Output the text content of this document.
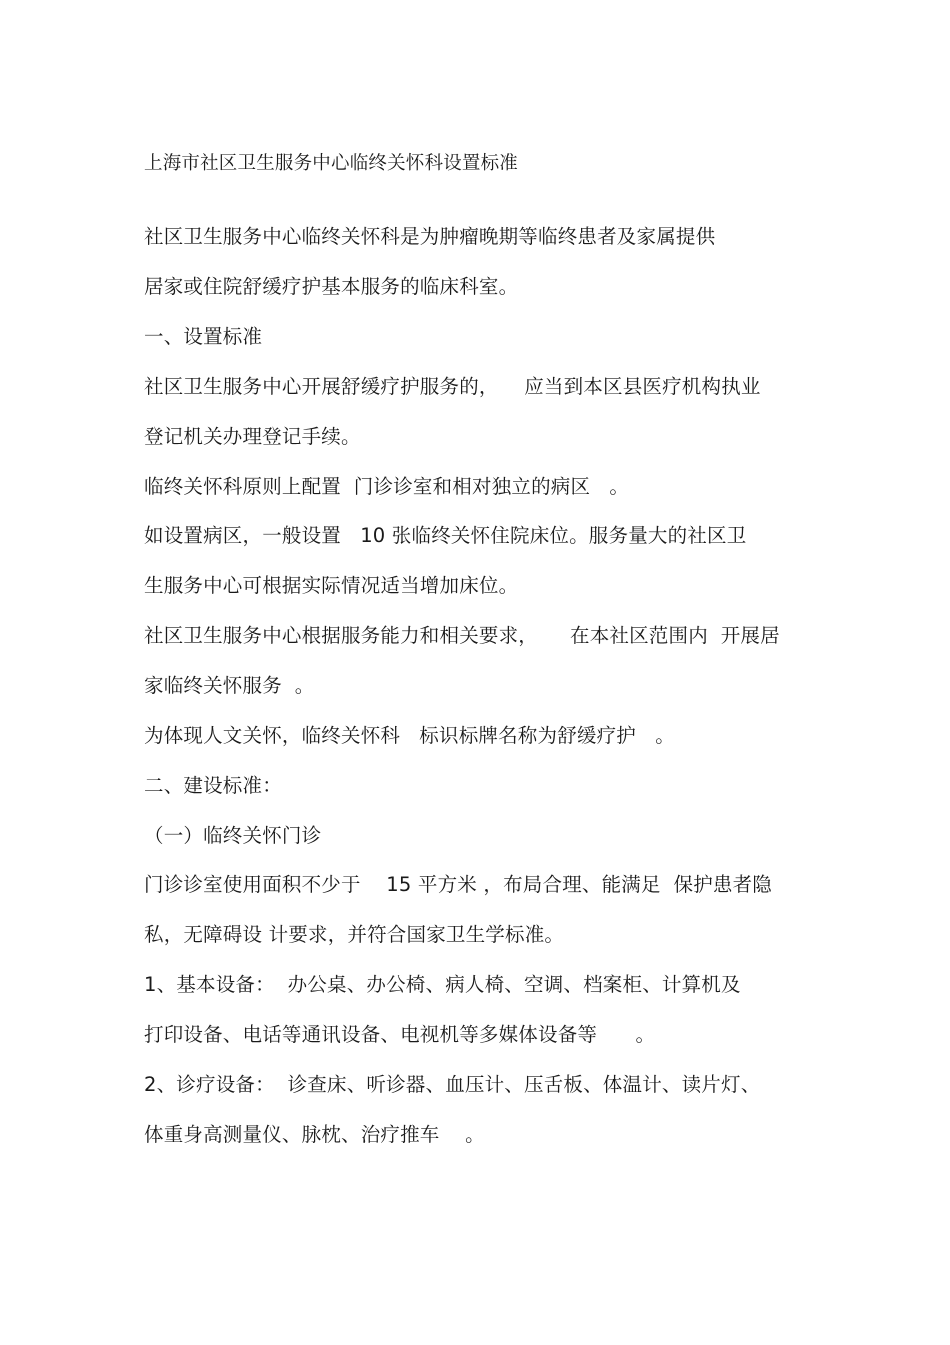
上海市社区卫生服务中心临终关怀科设置标准
社区卫生服务中心临终关怀科是为肿瘤晚期等临终患者及家属提供
居家或住院舒缓疗护基本服务的临床科室。
一、设置标准
社区卫生服务中心开展舒缓疗护服务的，    应当到本区县医疗机构执业
登记机关办理登记手续。
临终关怀科原则上配置  门诊诊室和相对独立的病区   。
如设置病区，一般设置   10 张临终关怀住院床位。服务量大的社区卫
生服务中心可根据实际情况适当增加床位。
社区卫生服务中心根据服务能力和相关要求，     在本社区范围内  开展居
家临终关怀服务  。
为体现人文关怀，临终关怀科   标识标牌名称为舒缓疗护   。
二、建设标准：
（一）临终关怀门诊
门诊诊室使用面积不少于    15 平方米 ，布局合理、能满足  保护患者隐
私，无障碍设 计要求，并符合国家卫生学标准。
1、基本设备：  办公桌、办公椅、病人椅、空调、档案柜、计算机及
打印设备、电话等通讯设备、电视机等多媒体设备等      。
2、诊疗设备：  诊查床、听诊器、血压计、压舌板、体温计、读片灯、
体重身高测量仪、脉枕、治疗推车    。
